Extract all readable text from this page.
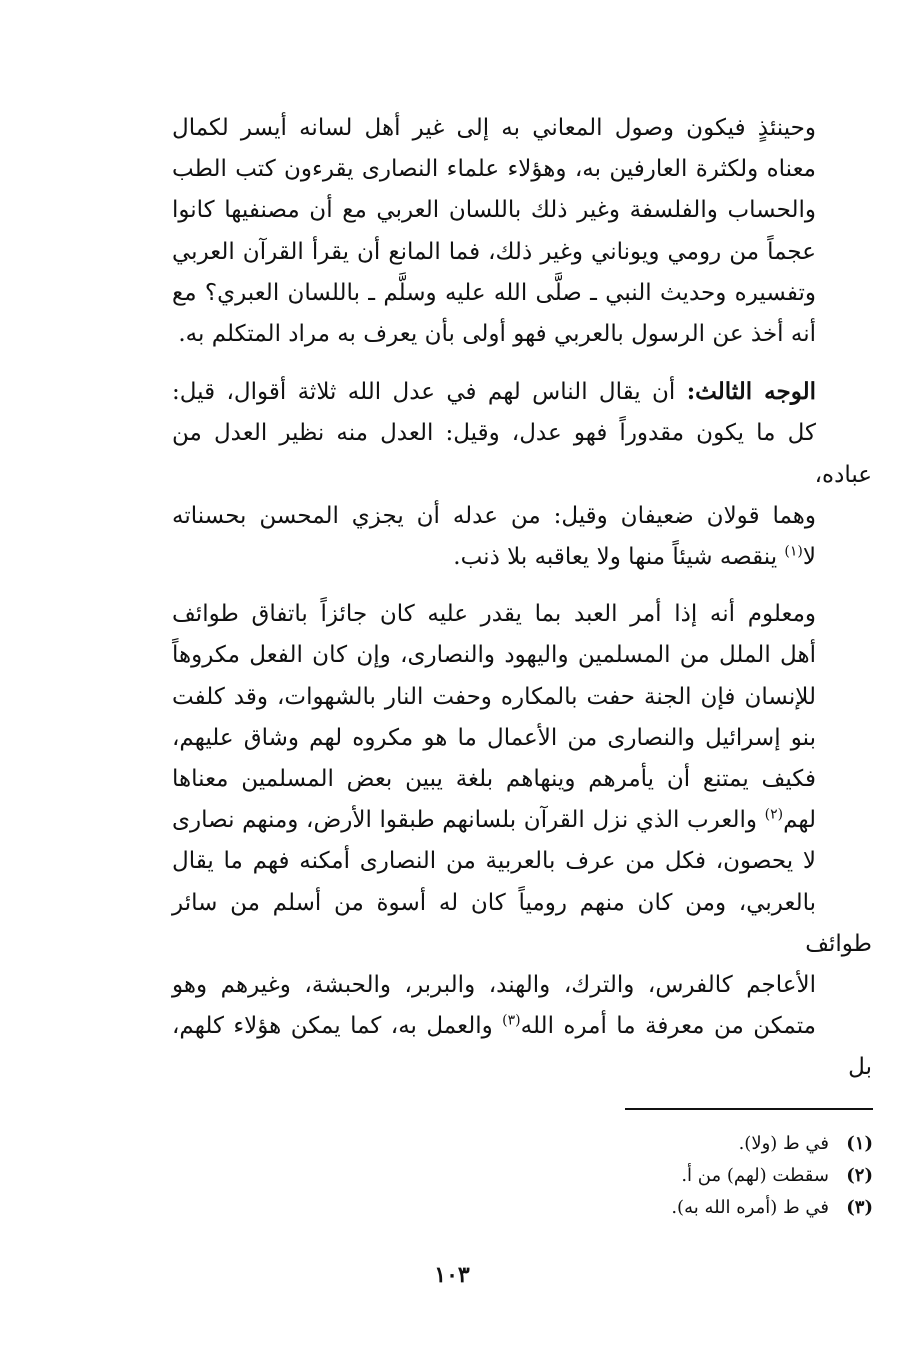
وحينئذٍ فيكون وصول المعاني به إلى غير أهل لسانه أيسر لكمال
معناه ولكثرة العارفين به، وهؤلاء علماء النصارى يقرءون كتب الطب
والحساب والفلسفة وغير ذلك باللسان العربي مع أن مصنفيها كانوا
عجماً من رومي ويوناني وغير ذلك، فما المانع أن يقرأ القرآن العربي
وتفسيره وحديث النبي ـ صلَّى الله عليه وسلَّم ـ باللسان العبري؟ مع
أنه أخذ عن الرسول بالعربي فهو أولى بأن يعرف به مراد المتكلم به.

الوجه الثالث: أن يقال الناس لهم في عدل الله ثلاثة أقوال، قيل:
كل ما يكون مقدوراً فهو عدل، وقيل: العدل منه نظير العدل من عباده،
وهما قولان ضعيفان وقيل: من عدله أن يجزي المحسن بحسناته
لا$^{(١)}$ ينقصه شيئاً منها ولا يعاقبه بلا ذنب.

ومعلوم أنه إذا أمر العبد بما يقدر عليه كان جائزاً باتفاق طوائف
أهل الملل من المسلمين واليهود والنصارى، وإن كان الفعل مكروهاً
للإنسان فإن الجنة حفت بالمكاره وحفت النار بالشهوات، وقد كلفت
بنو إسرائيل والنصارى من الأعمال ما هو مكروه لهم وشاق عليهم،
فكيف يمتنع أن يأمرهم وينهاهم بلغة يبين بعض المسلمين معناها
لهم$^{(٢)}$ والعرب الذي نزل القرآن بلسانهم طبقوا الأرض، ومنهم نصارى
لا يحصون، فكل من عرف بالعربية من النصارى أمكنه فهم ما يقال
بالعربي، ومن كان منهم رومياً كان له أسوة من أسلم من سائر طوائف
الأعاجم كالفرس، والترك، والهند، والبربر، والحبشة، وغيرهم وهو
متمكن من معرفة ما أمره الله$^{(٣)}$ والعمل به، كما يمكن هؤلاء كلهم، بل

(١)في ط (ولا).
(٢)سقطت (لهم) من أ.
(٣)في ط (أمره الله به).
١٠٣
